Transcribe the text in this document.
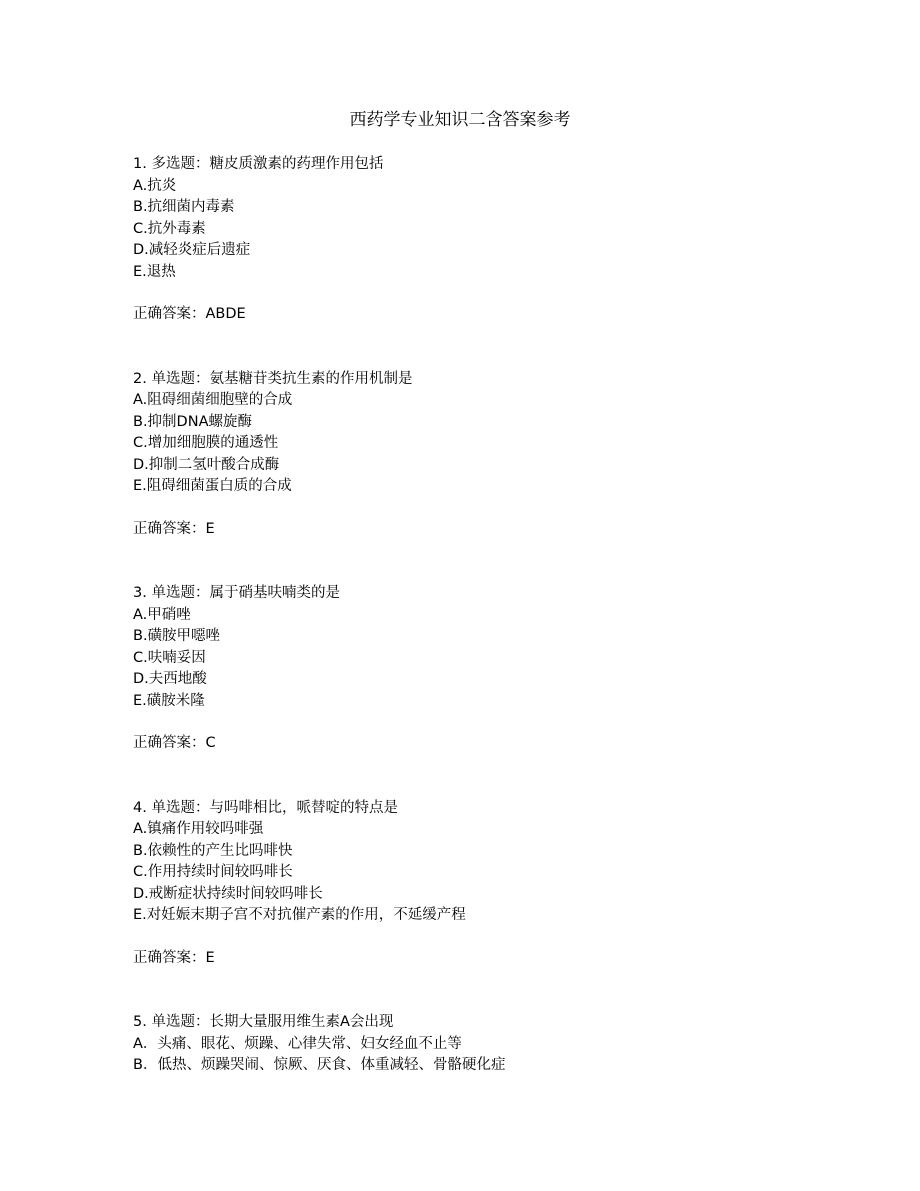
西药学专业知识二含答案参考
1. 多选题：糖皮质激素的药理作用包括
A.抗炎
B.抗细菌内毒素
C.抗外毒素
D.减轻炎症后遗症
E.退热
正确答案：ABDE
2. 单选题：氨基糖苷类抗生素的作用机制是
A.阻碍细菌细胞壁的合成
B.抑制DNA螺旋酶
C.增加细胞膜的通透性
D.抑制二氢叶酸合成酶
E.阻碍细菌蛋白质的合成
正确答案：E
3. 单选题：属于硝基呋喃类的是
A.甲硝唑
B.磺胺甲噁唑
C.呋喃妥因
D.夫西地酸
E.磺胺米隆
正确答案：C
4. 单选题：与吗啡相比，哌替啶的特点是
A.镇痛作用较吗啡强
B.依赖性的产生比吗啡快
C.作用持续时间较吗啡长
D.戒断症状持续时间较吗啡长
E.对妊娠末期子宫不对抗催产素的作用，不延缓产程
正确答案：E
5. 单选题：长期大量服用维生素A会出现
A．头痛、眼花、烦躁、心律失常、妇女经血不止等
B．低热、烦躁哭闹、惊厥、厌食、体重减轻、骨骼硬化症
